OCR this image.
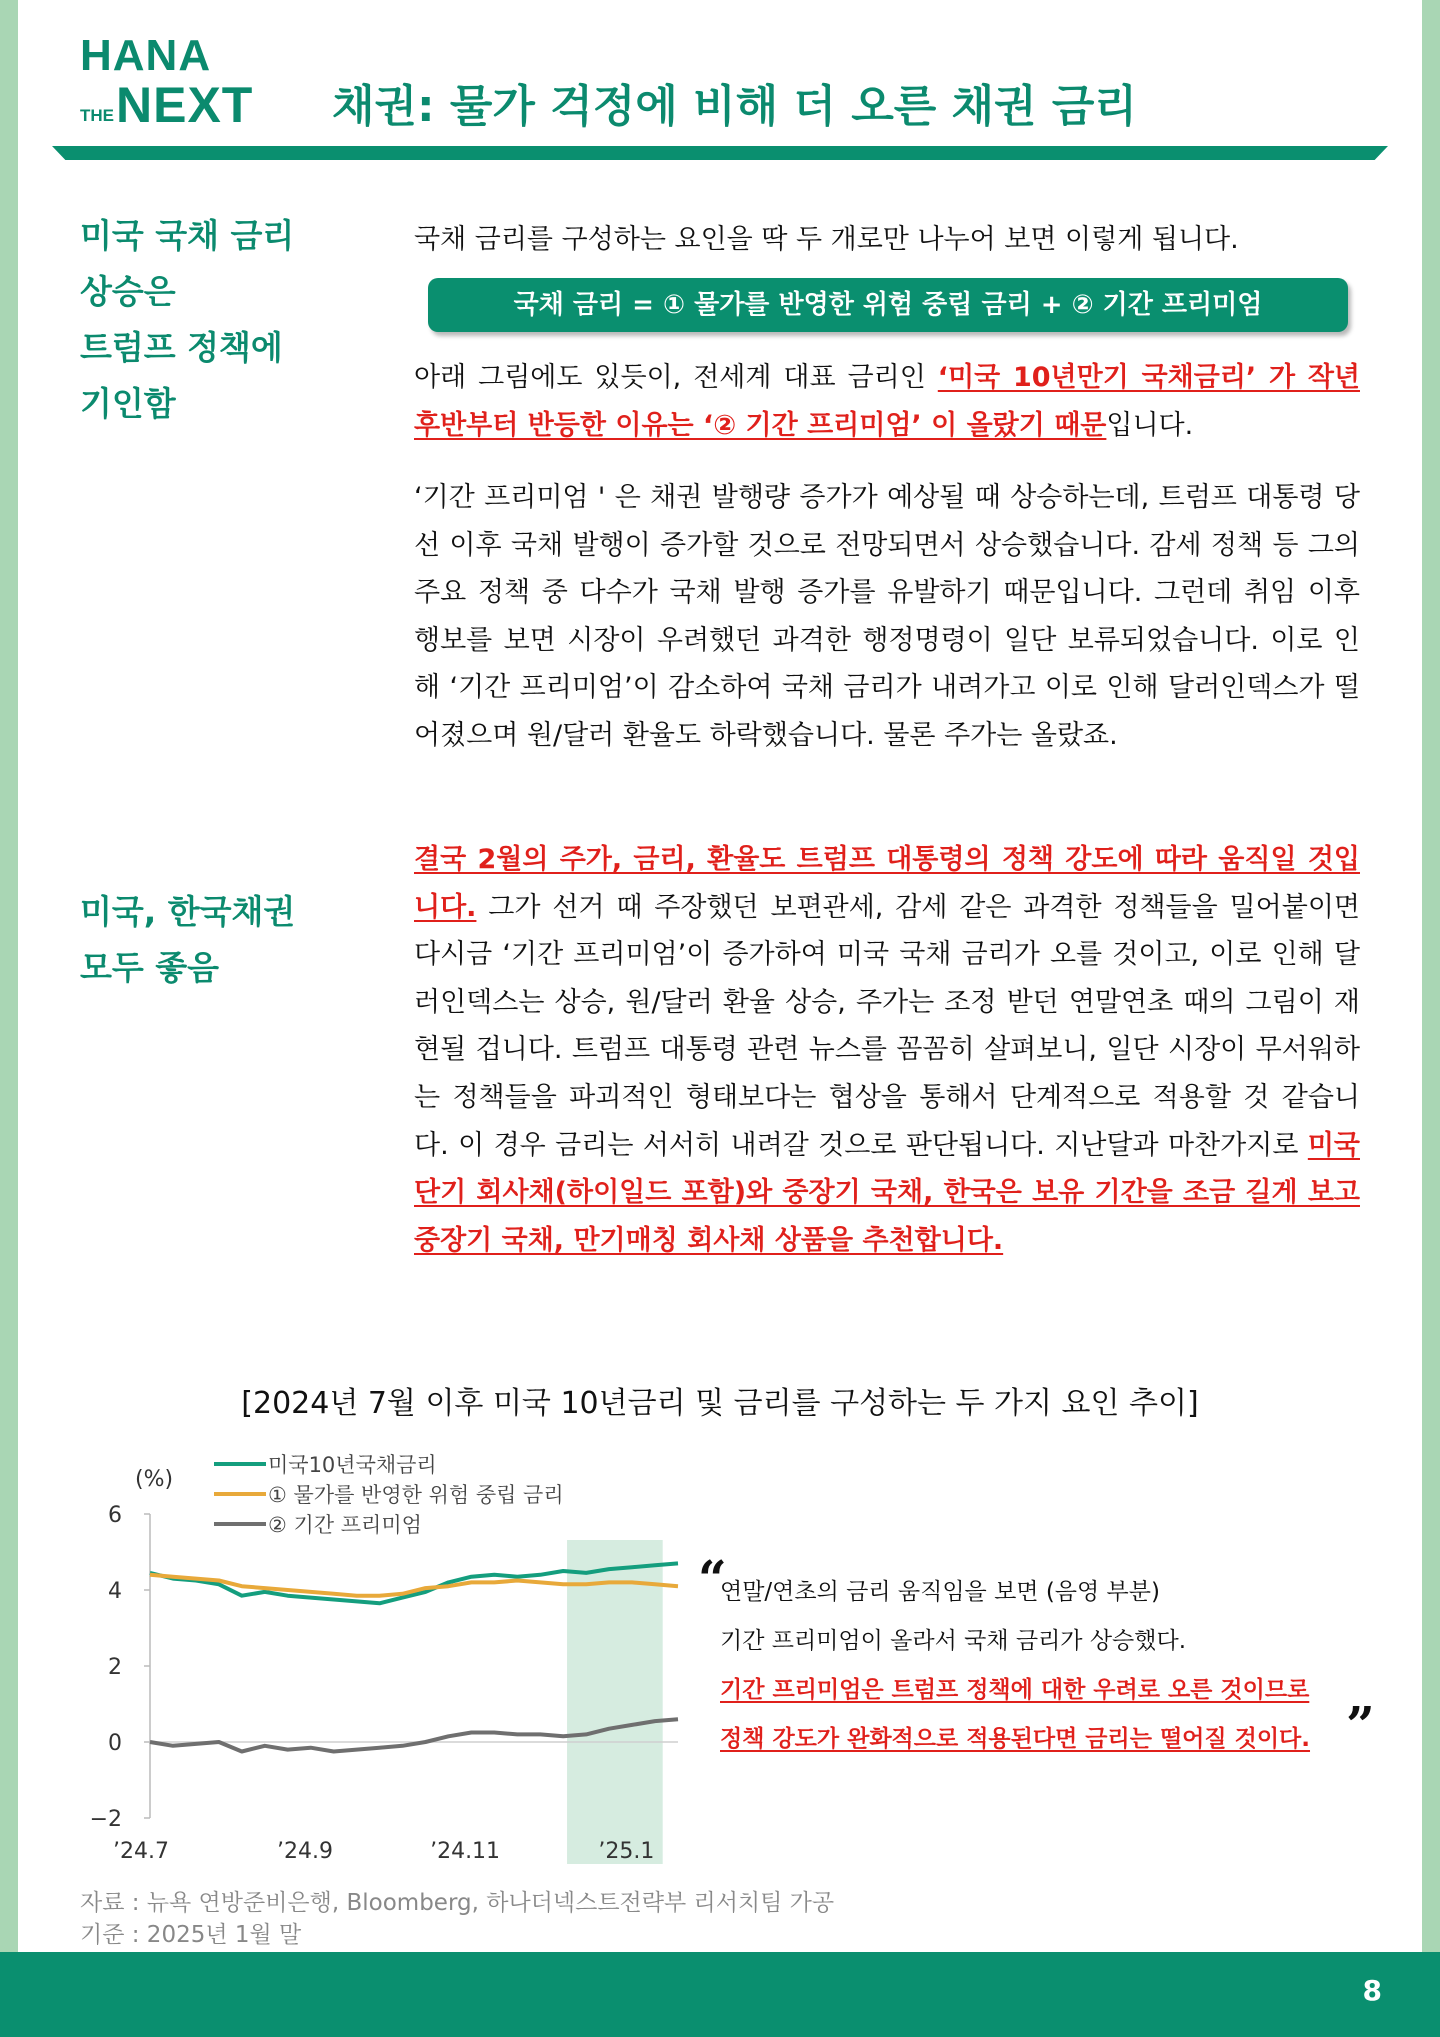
HANA
THE NEXT 채권: 물가 걱정에 비해 더 오른 채권 금리
미국 국채 금리
상승은
트럼프 정책에
기인함
미국, 한국채권
모두 좋음
국채 금리를 구성하는 요인을 딱 두 개로만 나누어 보면 이렇게 됩니다.
국채 금리 = ① 물가를 반영한 위험 중립 금리 + ② 기간 프리미엄
아래 그림에도 있듯이, 전세계 대표 금리인 ‘미국 10년만기 국채금리’ 가 작년 후반부터 반등한 이유는 ‘② 기간 프리미엄’ 이 올랐기 때문입니다.
‘기간 프리미엄 ' 은 채권 발행량 증가가 예상될 때 상승하는데, 트럼프 대통령 당선 이후 국채 발행이 증가할 것으로 전망되면서 상승했습니다. 감세 정책 등 그의 주요 정책 중 다수가 국채 발행 증가를 유발하기 때문입니다. 그런데 취임 이후 행보를 보면 시장이 우려했던 과격한 행정명령이 일단 보류되었습니다. 이로 인해 ‘기간 프리미엄’이 감소하여 국채 금리가 내려가고 이로 인해 달러인덱스가 떨어졌으며 원/달러 환율도 하락했습니다. 물론 주가는 올랐죠.
결국 2월의 주가, 금리, 환율도 트럼프 대통령의 정책 강도에 따라 움직일 것입니다. 그가 선거 때 주장했던 보편관세, 감세 같은 과격한 정책들을 밀어붙이면 다시금 ‘기간 프리미엄’이 증가하여 미국 국채 금리가 오를 것이고, 이로 인해 달러인덱스는 상승, 원/달러 환율 상승, 주가는 조정 받던 연말연초 때의 그림이 재현될 겁니다. 트럼프 대통령 관련 뉴스를 꼼꼼히 살펴보니, 일단 시장이 무서워하는 정책들을 파괴적인 형태보다는 협상을 통해서 단계적으로 적용할 것 같습니다. 이 경우 금리는 서서히 내려갈 것으로 판단됩니다. 지난달과 마찬가지로 미국 단기 회사채(하이일드 포함)와 중장기 국채, 한국은 보유 기간을 조금 길게 보고 중장기 국채, 만기매칭 회사채 상품을 추천합니다.
[2024년 7월 이후 미국 10년금리 및 금리를 구성하는 두 가지 요인 추이]
6
4
2
0
−2
(%)
’24.7	’24.9	’24.11	’25.1
미국10년국채금리
① 물가를 반영한 위험 중립 금리
② 기간 프리미엄
“
”
연말/연초의 금리 움직임을 보면 (음영 부분)
기간 프리미엄이 올라서 국채 금리가 상승했다.
기간 프리미엄은 트럼프 정책에 대한 우려로 오른 것이므로
정책 강도가 완화적으로 적용된다면 금리는 떨어질 것이다.
자료 : 뉴욕 연방준비은행, Bloomberg, 하나더넥스트전략부 리서치팀 가공
기준 : 2025년 1월 말
8
